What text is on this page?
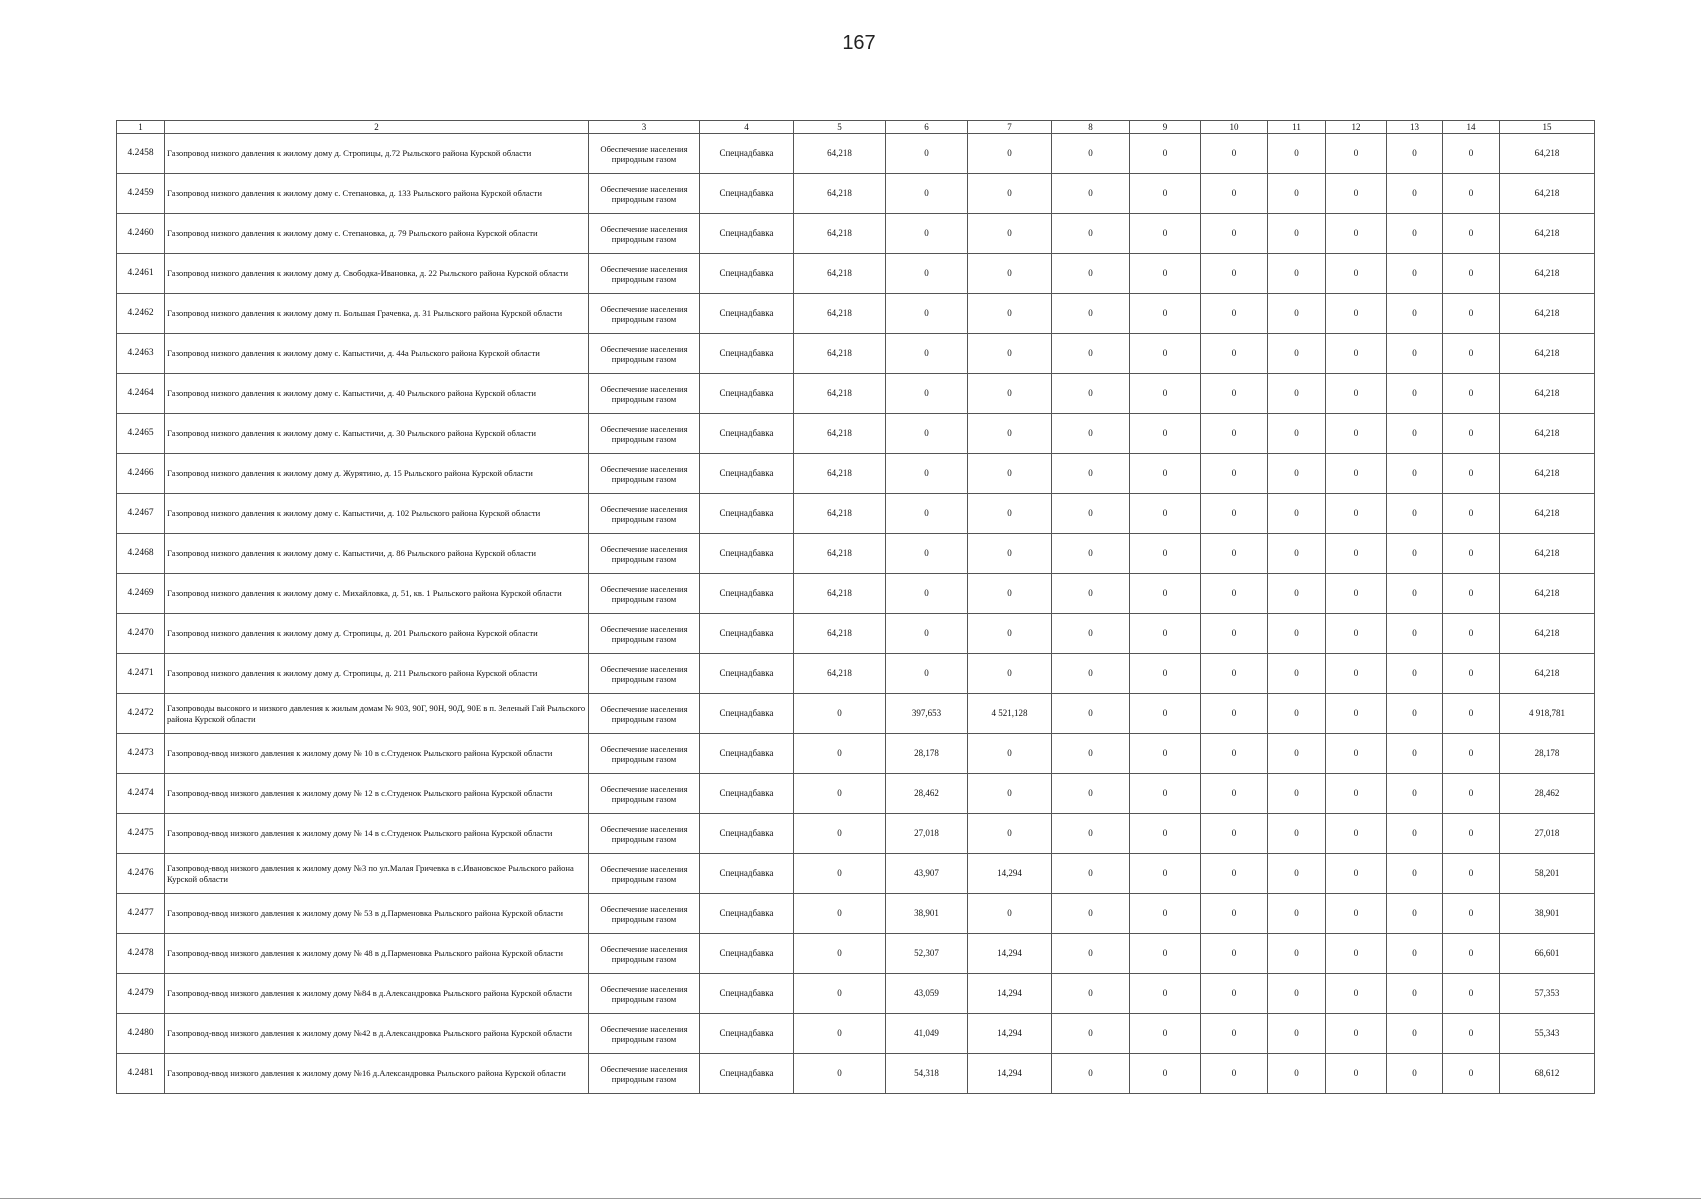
167
1	2	3	4	5	6	7	8	9	10	11	12	13	14	15
4.2458	Газопровод низкого давления к жилому дому д. Стропицы, д.72 Рыльского района Курской области	Обеспечение населения природным газом	Спецнадбавка	64,218	0	0	0	0	0	0	0	0	0	64,218
4.2459	Газопровод низкого давления к жилому дому с. Степановка, д. 133 Рыльского района Курской области	Обеспечение населения природным газом	Спецнадбавка	64,218	0	0	0	0	0	0	0	0	0	64,218
4.2460	Газопровод низкого давления к жилому дому с. Степановка, д. 79 Рыльского района Курской области	Обеспечение населения природным газом	Спецнадбавка	64,218	0	0	0	0	0	0	0	0	0	64,218
4.2461	Газопровод низкого давления к жилому дому д. Свободка-Ивановка, д. 22 Рыльского района Курской области	Обеспечение населения природным газом	Спецнадбавка	64,218	0	0	0	0	0	0	0	0	0	64,218
4.2462	Газопровод низкого давления к жилому дому п. Большая Грачевка, д. 31 Рыльского района Курской области	Обеспечение населения природным газом	Спецнадбавка	64,218	0	0	0	0	0	0	0	0	0	64,218
4.2463	Газопровод низкого давления к жилому дому с. Капыстичи, д. 44а Рыльского района Курской области	Обеспечение населения природным газом	Спецнадбавка	64,218	0	0	0	0	0	0	0	0	0	64,218
4.2464	Газопровод низкого давления к жилому дому с. Капыстичи, д. 40 Рыльского района Курской области	Обеспечение населения природным газом	Спецнадбавка	64,218	0	0	0	0	0	0	0	0	0	64,218
4.2465	Газопровод низкого давления к жилому дому с. Капыстичи, д. 30 Рыльского района Курской области	Обеспечение населения природным газом	Спецнадбавка	64,218	0	0	0	0	0	0	0	0	0	64,218
4.2466	Газопровод низкого давления к жилому дому д. Журятино, д. 15 Рыльского района Курской области	Обеспечение населения природным газом	Спецнадбавка	64,218	0	0	0	0	0	0	0	0	0	64,218
4.2467	Газопровод низкого давления к жилому дому с. Капыстичи, д. 102 Рыльского района Курской области	Обеспечение населения природным газом	Спецнадбавка	64,218	0	0	0	0	0	0	0	0	0	64,218
4.2468	Газопровод низкого давления к жилому дому с. Капыстичи, д. 86 Рыльского района Курской области	Обеспечение населения природным газом	Спецнадбавка	64,218	0	0	0	0	0	0	0	0	0	64,218
4.2469	Газопровод низкого давления к жилому дому с. Михайловка, д. 51, кв. 1 Рыльского района Курской области	Обеспечение населения природным газом	Спецнадбавка	64,218	0	0	0	0	0	0	0	0	0	64,218
4.2470	Газопровод низкого давления к жилому дому д. Стропицы, д. 201 Рыльского района Курской области	Обеспечение населения природным газом	Спецнадбавка	64,218	0	0	0	0	0	0	0	0	0	64,218
4.2471	Газопровод низкого давления к жилому дому д. Стропицы, д. 211 Рыльского района Курской области	Обеспечение населения природным газом	Спецнадбавка	64,218	0	0	0	0	0	0	0	0	0	64,218
4.2472	Газопроводы высокого и низкого давления к жилым домам № 90З, 90Г, 90Н, 90Д, 90Е в п. Зеленый Гай Рыльского района Курской области	Обеспечение населения природным газом	Спецнадбавка	0	397,653	4 521,128	0	0	0	0	0	0	0	4 918,781
4.2473	Газопровод-ввод низкого давления к жилому дому № 10 в с.Студенок Рыльского района Курской области	Обеспечение населения природным газом	Спецнадбавка	0	28,178	0	0	0	0	0	0	0	0	28,178
4.2474	Газопровод-ввод низкого давления к жилому дому № 12 в с.Студенок Рыльского района Курской области	Обеспечение населения природным газом	Спецнадбавка	0	28,462	0	0	0	0	0	0	0	0	28,462
4.2475	Газопровод-ввод низкого давления к жилому дому № 14 в с.Студенок Рыльского района Курской области	Обеспечение населения природным газом	Спецнадбавка	0	27,018	0	0	0	0	0	0	0	0	27,018
4.2476	Газопровод-ввод низкого давления к жилому дому №3 по ул.Малая Гричевка в с.Ивановское Рыльского района Курской области	Обеспечение населения природным газом	Спецнадбавка	0	43,907	14,294	0	0	0	0	0	0	0	58,201
4.2477	Газопровод-ввод низкого давления к жилому дому № 53 в д.Парменовка Рыльского района Курской области	Обеспечение населения природным газом	Спецнадбавка	0	38,901	0	0	0	0	0	0	0	0	38,901
4.2478	Газопровод-ввод низкого давления к жилому дому № 48 в д.Парменовка Рыльского района Курской области	Обеспечение населения природным газом	Спецнадбавка	0	52,307	14,294	0	0	0	0	0	0	0	66,601
4.2479	Газопровод-ввод низкого давления к жилому дому №84 в д.Александровка Рыльского района Курской области	Обеспечение населения природным газом	Спецнадбавка	0	43,059	14,294	0	0	0	0	0	0	0	57,353
4.2480	Газопровод-ввод низкого давления к жилому дому №42 в д.Александровка Рыльского района Курской области	Обеспечение населения природным газом	Спецнадбавка	0	41,049	14,294	0	0	0	0	0	0	0	55,343
4.2481	Газопровод-ввод низкого давления к жилому дому №16 д.Александровка Рыльского района Курской области	Обеспечение населения природным газом	Спецнадбавка	0	54,318	14,294	0	0	0	0	0	0	0	68,612
